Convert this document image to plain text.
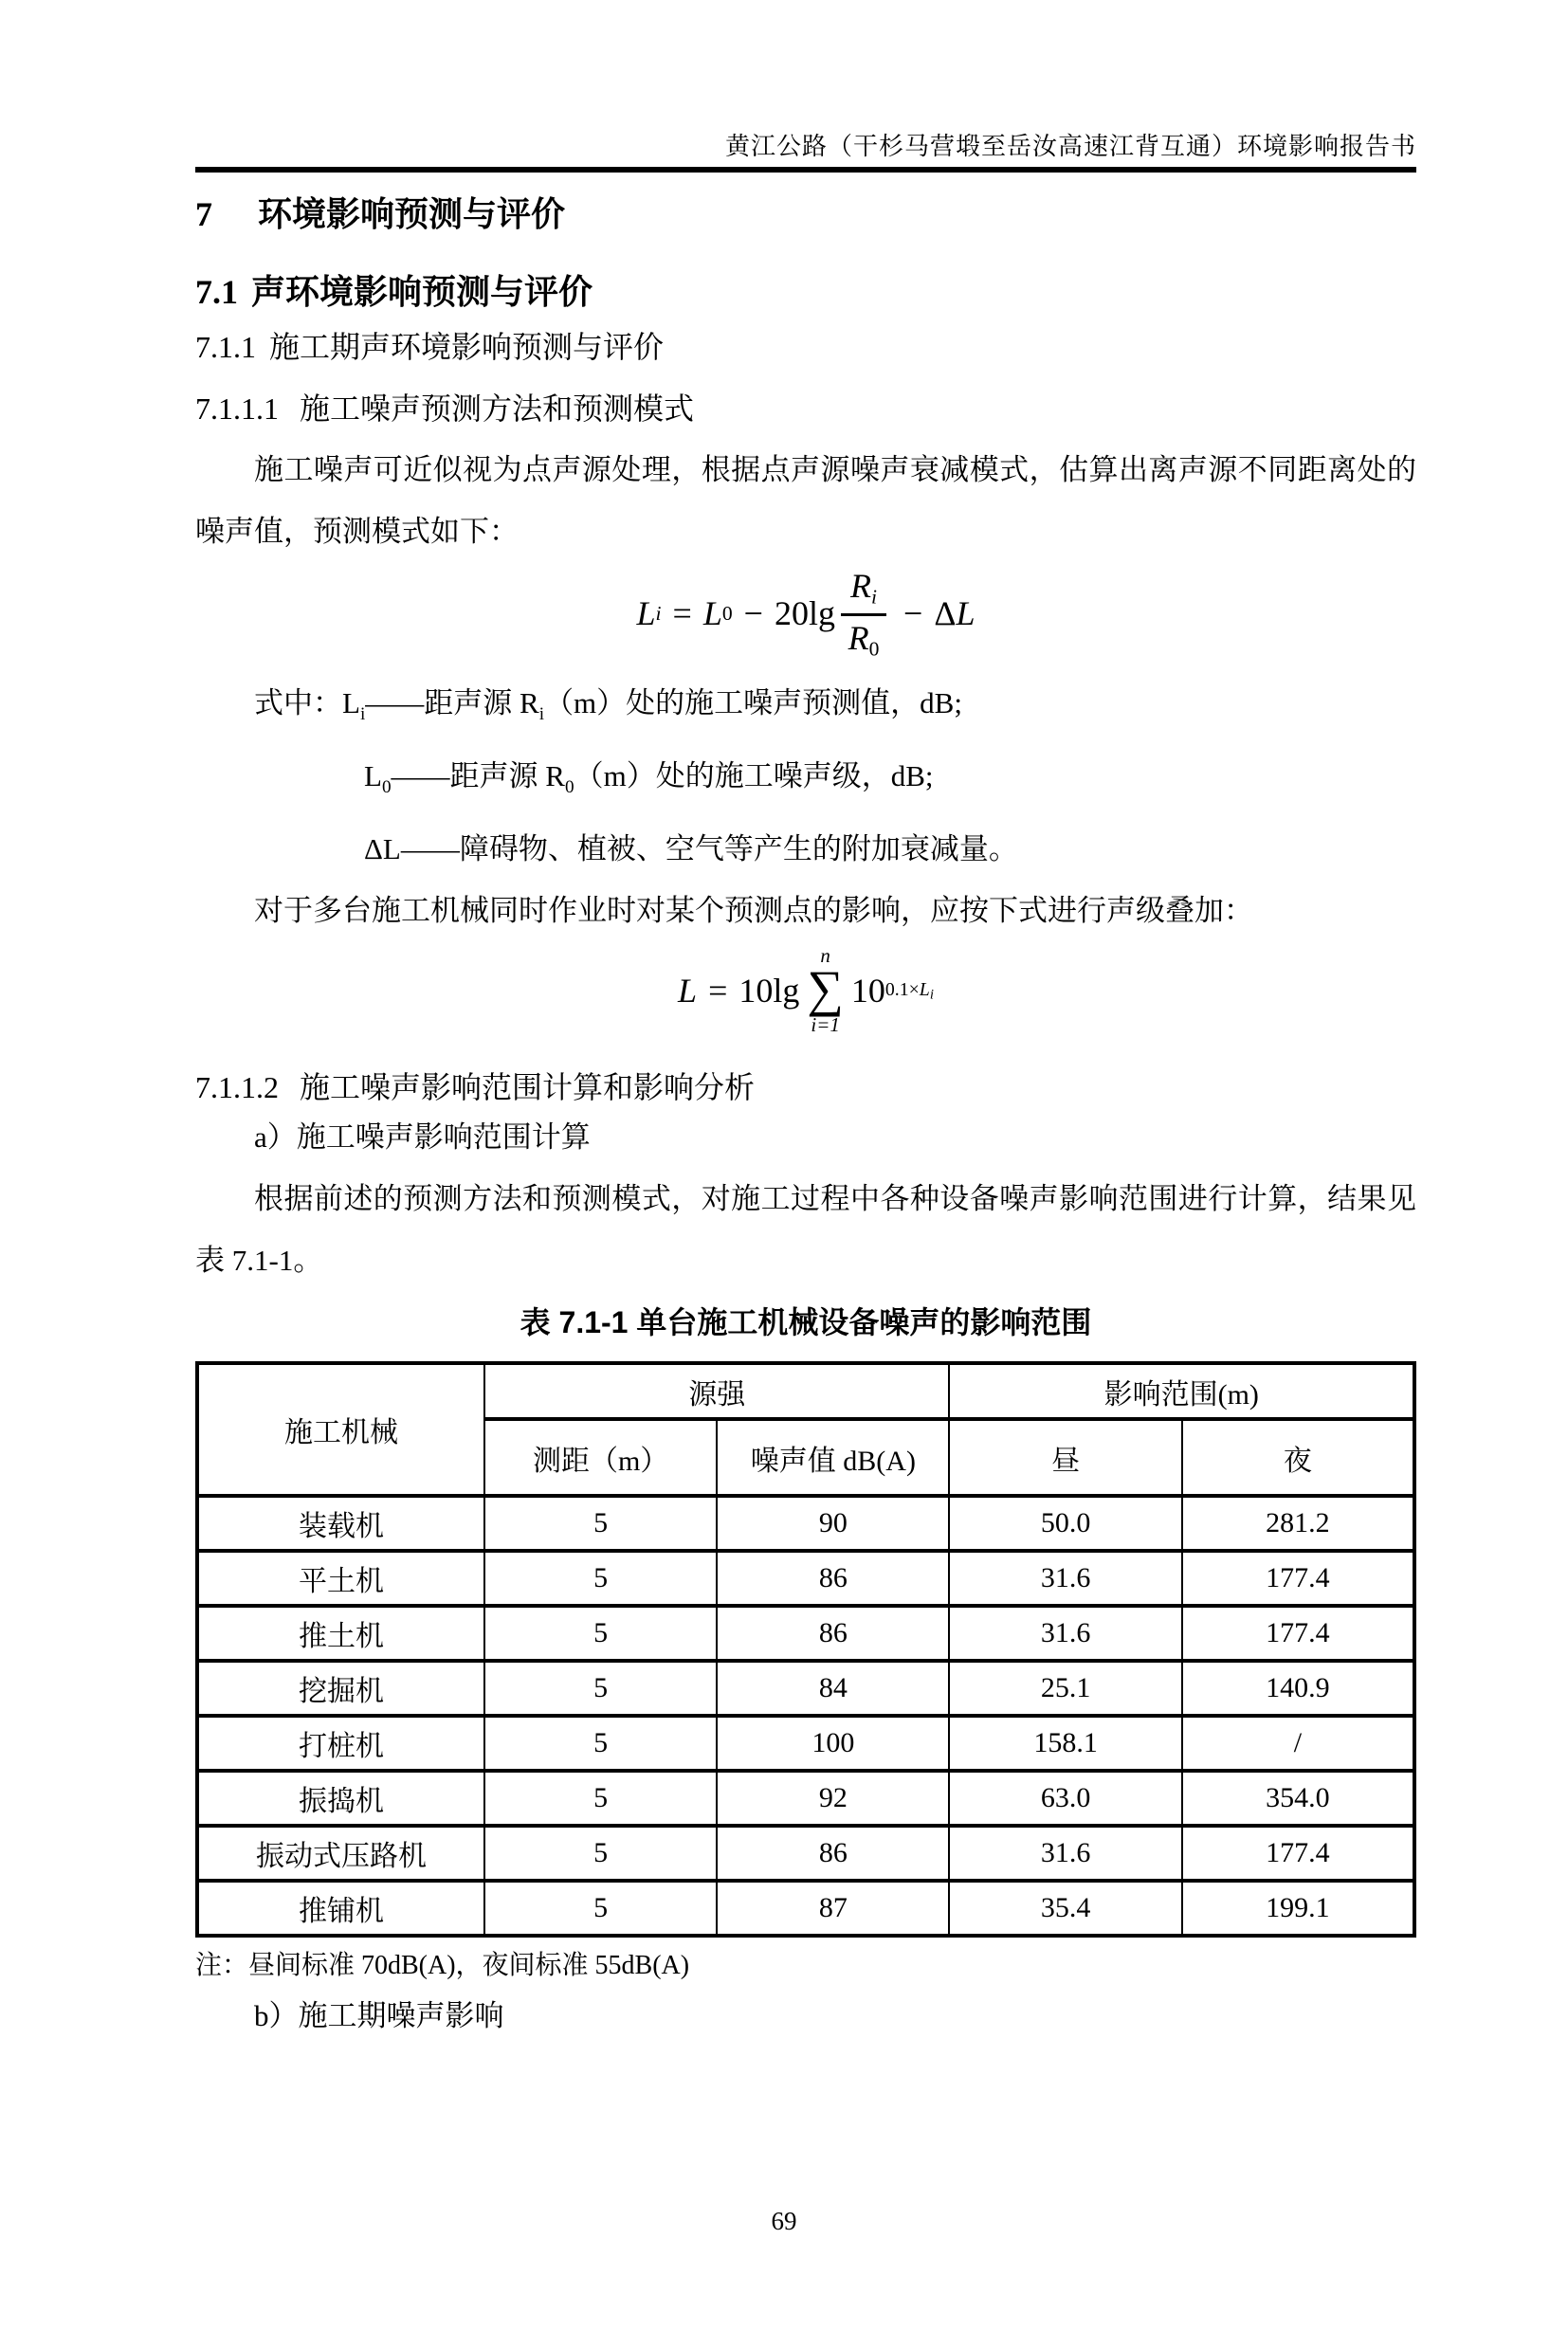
黄江公路（干杉马营塅至岳汝高速江背互通）环境影响报告书
7 环境影响预测与评价
7.1 声环境影响预测与评价
7.1.1 施工期声环境影响预测与评价
7.1.1.1 施工噪声预测方法和预测模式

施工噪声可近似视为点声源处理，根据点声源噪声衰减模式，估算出离声源不同距离处的噪声值，预测模式如下：

L i = L $0 - 20\lg \frac{Ri}{R0} - \Delta$ L
式中：$L_i——$距声源 $R_i(m)$处的施工噪声预测值，dB;
$L_0——$距声源 $R_0(m)$处的施工噪声级，dB;
ΔL——障碍物、植被、空气等产生的附加衰减量。

对于多台施工机械同时作业时对某个预测点的影响，应按下式进行声级叠加：

L = 10lg
n
∑
i=1
10 0.1×Li
7.1.1.2 施工噪声影响范围计算和影响分析

a）施工噪声影响范围计算

根据前述的预测方法和预测模式，对施工过程中各种设备噪声影响范围进行计算，结果见表 7.1-1。

表 7.1-1 单台施工机械设备噪声的影响范围
施工机械	源强		影响范围(m)	
	测距（m）	噪声值 dB(A)	昼	夜
装载机	5	90	50.0	281.2
平土机	5	86	31.6	177.4
推土机	5	86	31.6	177.4
挖掘机	5	84	25.1	140.9
打桩机	5	100	158.1	/
振捣机	5	92	63.0	354.0
振动式压路机	5	86	31.6	177.4
推铺机	5	87	35.4	199.1
注：昼间标准 70dB(A)，夜间标准 55dB(A)

b）施工期噪声影响

69
